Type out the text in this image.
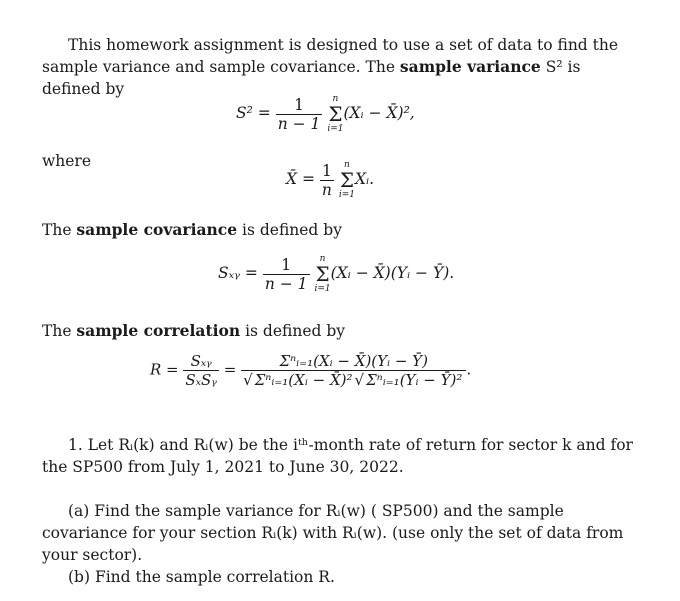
This homework assignment is designed to use a set of data to find the sample variance and sample covariance. The sample variance S² is defined by
$S^2 = \frac{1}{n - 1}$
	n
Σ
i=1
(Xᵢ − X̄)²,
where
X̄ = $\frac{1}{n}$
	n
Σ
i=1
Xᵢ.
The sample covariance is defined by
Sₓᵧ = $\frac{1}{n - 1}$
	n
Σ
i=1
(Xᵢ − X̄)(Yᵢ − Ȳ).
The sample correlation is defined by
$R = \frac{\text{Sₓᵧ}}{\text{SₓSᵧ}} = \frac{\text{Σⁿᵢ₌₁(Xᵢ − X̄)(Yᵢ − Ȳ)}}{\text{√ Σⁿᵢ₌₁(Xᵢ − X̄)² √ Σⁿᵢ₌₁(Yᵢ − Ȳ)²}}$ .
1. Let Rᵢ(k) and Rᵢ(w) be the iᵗʰ-month rate of return for sector k and for the SP500 from July 1, 2021 to June 30, 2022.
(a) Find the sample variance for Rᵢ(w) ( SP500) and the sample covariance for your section Rᵢ(k) with Rᵢ(w). (use only the set of data from your sector).
(b) Find the sample correlation R.
